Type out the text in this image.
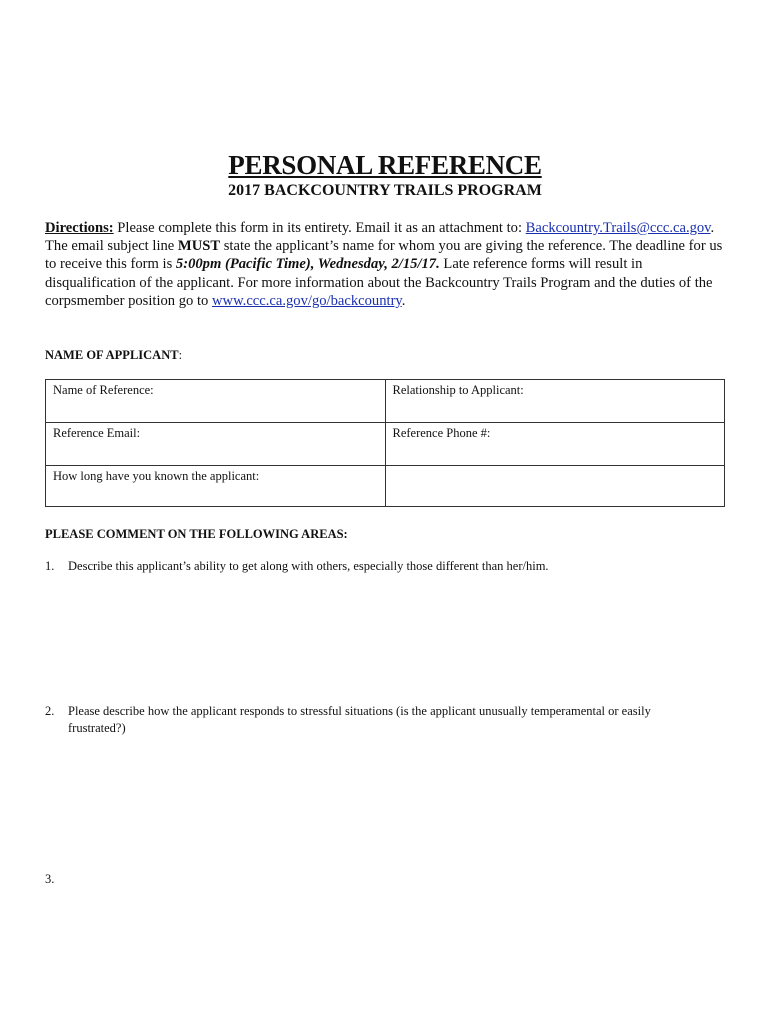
PERSONAL REFERENCE
2017 BACKCOUNTRY TRAILS PROGRAM
Directions: Please complete this form in its entirety. Email it as an attachment to: Backcountry.Trails@ccc.ca.gov. The email subject line MUST state the applicant’s name for whom you are giving the reference. The deadline for us to receive this form is 5:00pm (Pacific Time), Wednesday, 2/15/17. Late reference forms will result in disqualification of the applicant. For more information about the Backcountry Trails Program and the duties of the corpsmember position go to www.ccc.ca.gov/go/backcountry.
NAME OF APPLICANT:
Name of Reference:	Relationship to Applicant:
Reference Email:	Reference Phone #:
How long have you known the applicant:	
PLEASE COMMENT ON THE FOLLOWING AREAS:
1. Describe this applicant’s ability to get along with others, especially those different than her/him.
2. Please describe how the applicant responds to stressful situations (is the applicant unusually temperamental or easily frustrated?)
3.
